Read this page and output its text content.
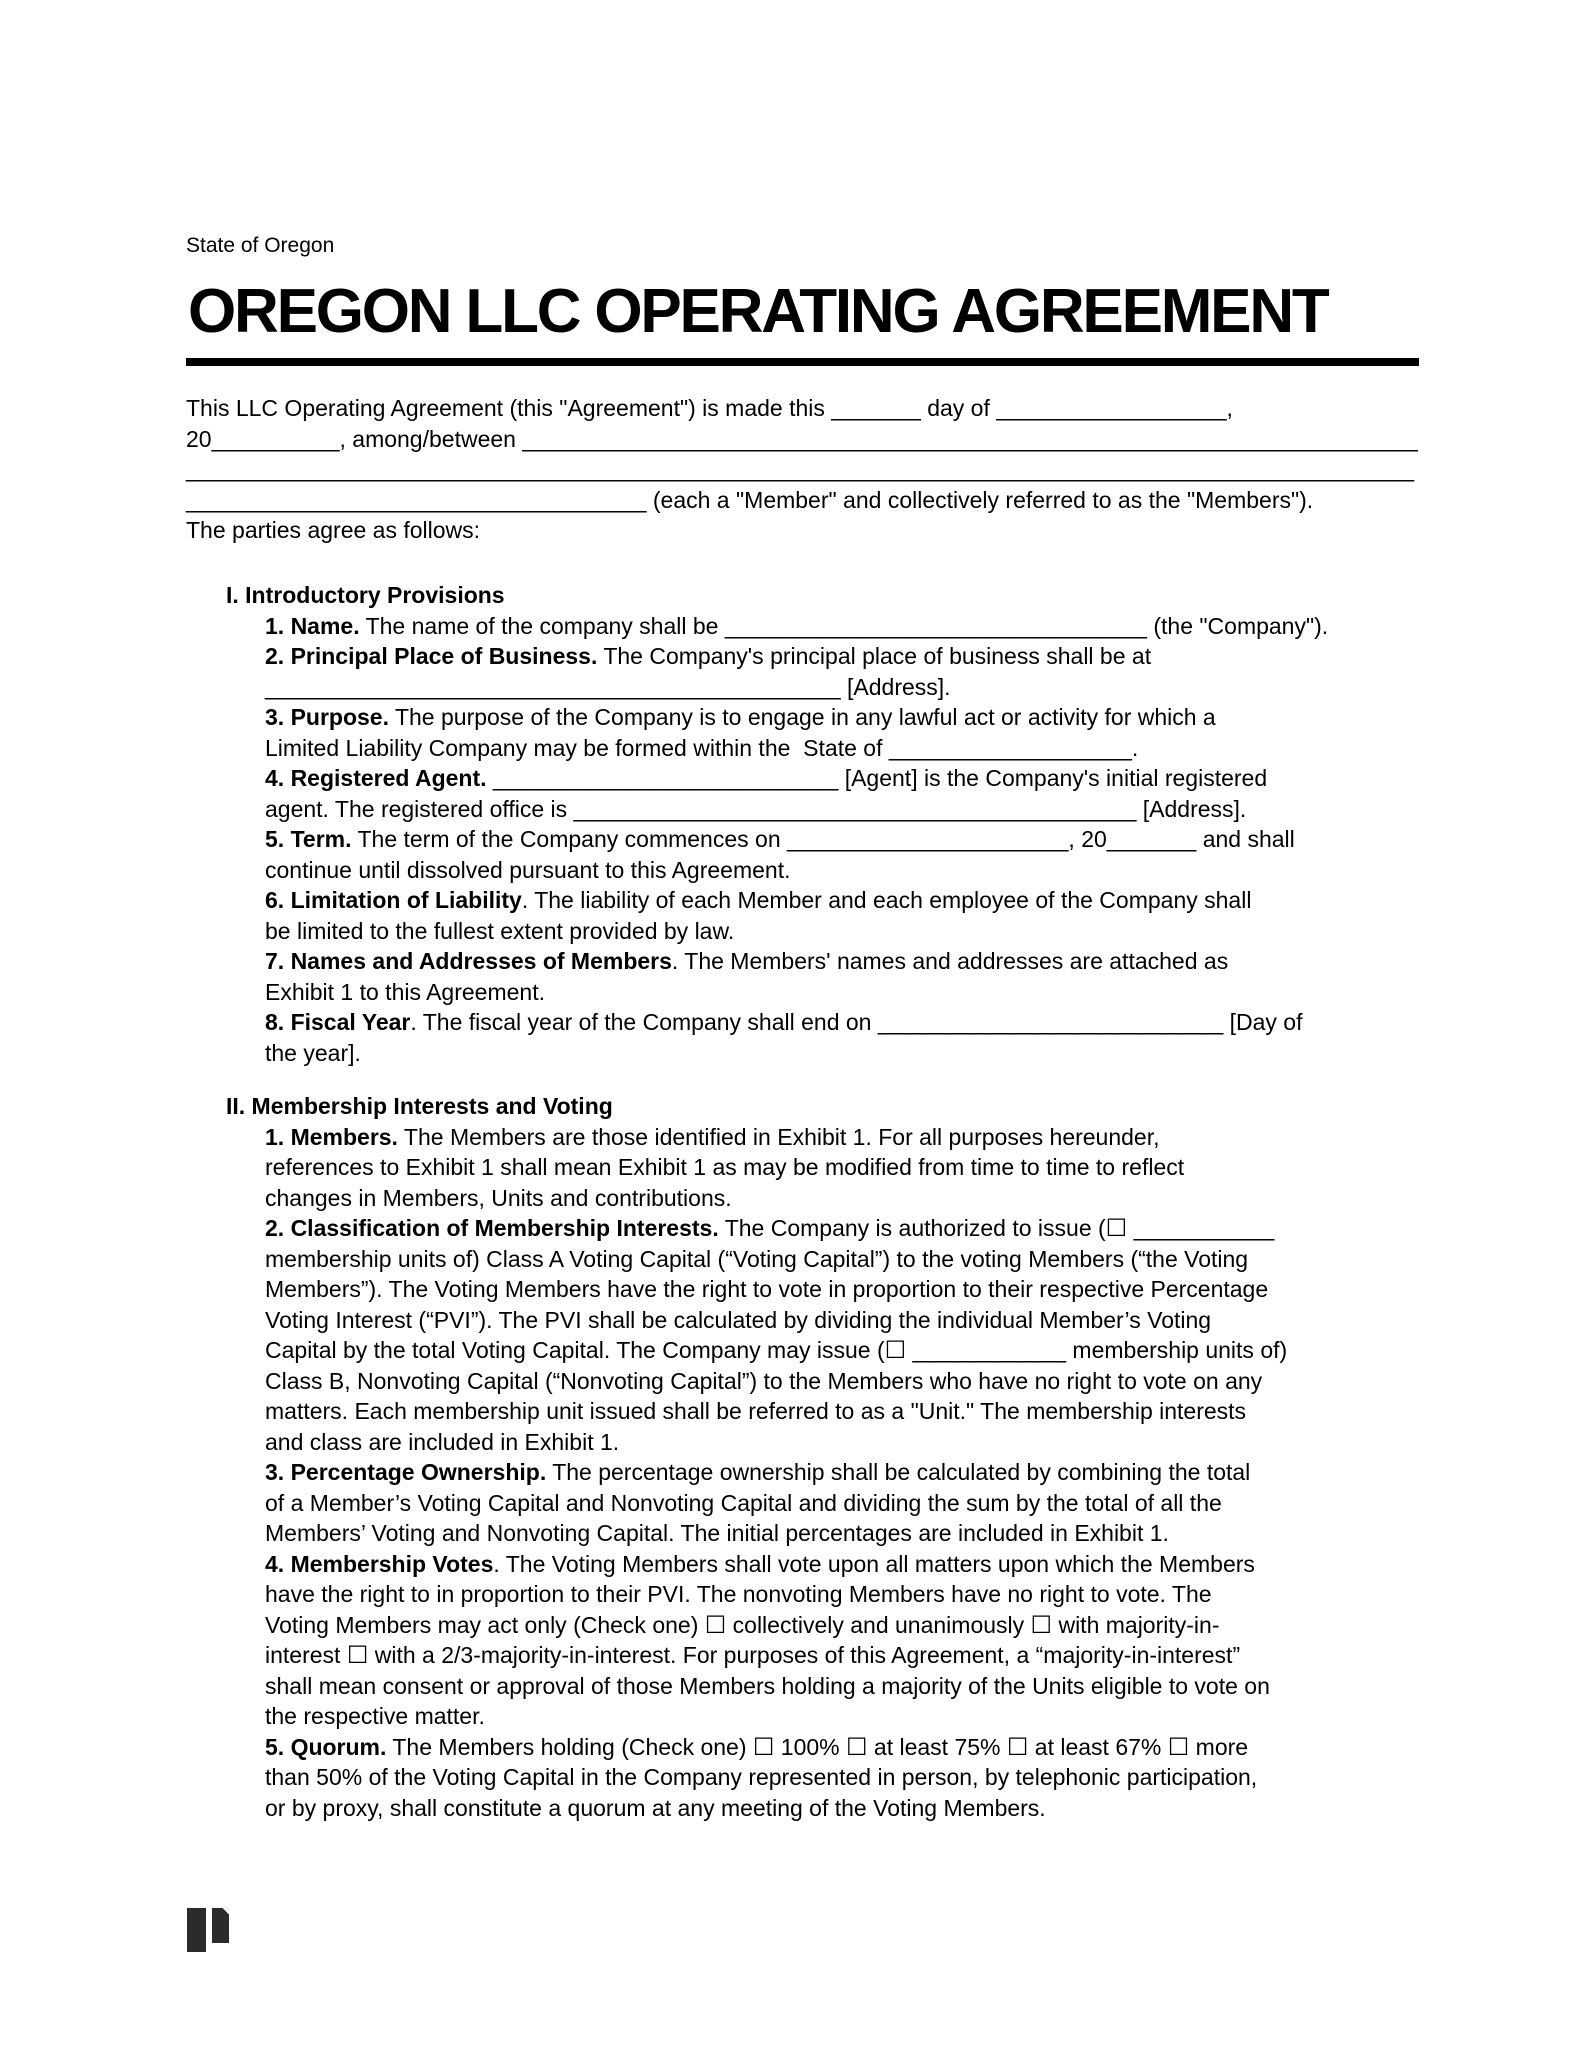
State of Oregon
OREGON LLC OPERATING AGREEMENT
This LLC Operating Agreement (this "Agreement") is made this _______ day of __________________,
20__________, among/between ______________________________________________________________________
________________________________________________________________________________________________
____________________________________ (each a "Member" and collectively referred to as the "Members").
The parties agree as follows:
I. Introductory Provisions
1. Name. The name of the company shall be _________________________________ (the "Company").
2. Principal Place of Business. The Company's principal place of business shall be at
_____________________________________________ [Address].
3. Purpose. The purpose of the Company is to engage in any lawful act or activity for which a
Limited Liability Company may be formed within the  State of ___________________.
4. Registered Agent. ___________________________ [Agent] is the Company's initial registered
agent. The registered office is ____________________________________________ [Address].
5. Term. The term of the Company commences on ______________________, 20_______ and shall
continue until dissolved pursuant to this Agreement.
6. Limitation of Liability. The liability of each Member and each employee of the Company shall
be limited to the fullest extent provided by law.
7. Names and Addresses of Members. The Members' names and addresses are attached as
Exhibit 1 to this Agreement.
8. Fiscal Year. The fiscal year of the Company shall end on ___________________________ [Day of
the year].
II. Membership Interests and Voting
1. Members. The Members are those identified in Exhibit 1. For all purposes hereunder,
references to Exhibit 1 shall mean Exhibit 1 as may be modified from time to time to reflect
changes in Members, Units and contributions.
2. Classification of Membership Interests. The Company is authorized to issue (☐ ___________
membership units of) Class A Voting Capital (“Voting Capital”) to the voting Members (“the Voting
Members”). The Voting Members have the right to vote in proportion to their respective Percentage
Voting Interest (“PVI”). The PVI shall be calculated by dividing the individual Member’s Voting
Capital by the total Voting Capital. The Company may issue (☐ ____________ membership units of)
Class B, Nonvoting Capital (“Nonvoting Capital”) to the Members who have no right to vote on any
matters. Each membership unit issued shall be referred to as a "Unit." The membership interests
and class are included in Exhibit 1.
3. Percentage Ownership. The percentage ownership shall be calculated by combining the total
of a Member’s Voting Capital and Nonvoting Capital and dividing the sum by the total of all the
Members’ Voting and Nonvoting Capital. The initial percentages are included in Exhibit 1.
4. Membership Votes. The Voting Members shall vote upon all matters upon which the Members
have the right to in proportion to their PVI. The nonvoting Members have no right to vote. The
Voting Members may act only (Check one) ☐ collectively and unanimously ☐ with majority-in-
interest ☐ with a 2/3-majority-in-interest. For purposes of this Agreement, a “majority-in-interest”
shall mean consent or approval of those Members holding a majority of the Units eligible to vote on
the respective matter.
5. Quorum. The Members holding (Check one) ☐ 100% ☐ at least 75% ☐ at least 67% ☐ more
than 50% of the Voting Capital in the Company represented in person, by telephonic participation,
or by proxy, shall constitute a quorum at any meeting of the Voting Members.
